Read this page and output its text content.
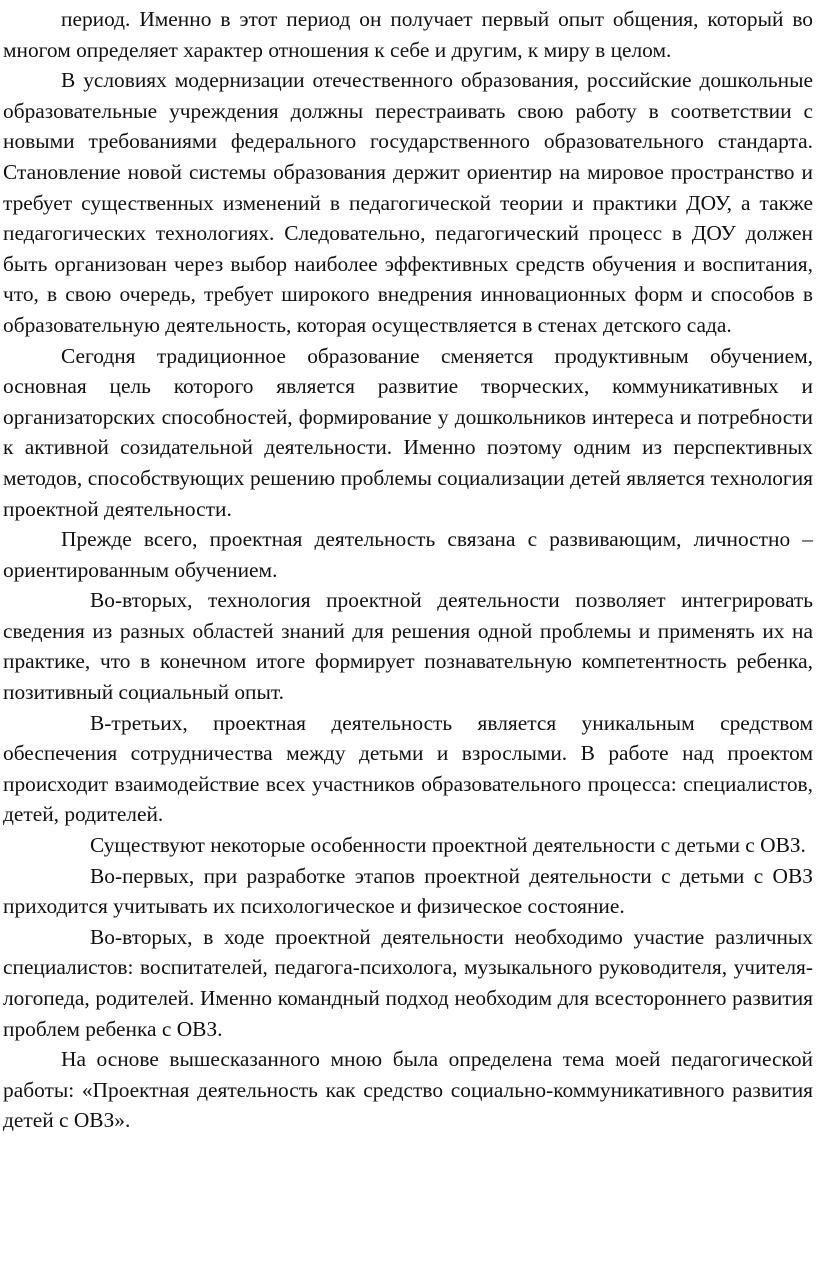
период. Именно в этот период он получает первый опыт общения, который во многом определяет характер отношения к себе и другим, к миру в целом.

В условиях модернизации отечественного образования, российские дошкольные образовательные учреждения должны перестраивать свою работу в соответствии с новыми требованиями федерального государственного образовательного стандарта. Становление новой системы образования держит ориентир на мировое пространство и требует существенных изменений в педагогической теории и практики ДОУ, а также педагогических технологиях. Следовательно, педагогический процесс в ДОУ должен быть организован через выбор наиболее эффективных средств обучения и воспитания, что, в свою очередь, требует широкого внедрения инновационных форм и способов в образовательную деятельность, которая осуществляется в стенах детского сада.

Сегодня традиционное образование сменяется продуктивным обучением, основная цель которого является развитие творческих, коммуникативных и организаторских способностей, формирование у дошкольников интереса и потребности к активной созидательной деятельности. Именно поэтому одним из перспективных методов, способствующих решению проблемы социализации детей является технология проектной деятельности.

Прежде всего, проектная деятельность связана с развивающим, личностно – ориентированным обучением.

Во-вторых, технология проектной деятельности позволяет интегрировать сведения из разных областей знаний для решения одной проблемы и применять их на практике, что в конечном итоге формирует познавательную компетентность ребенка, позитивный социальный опыт.

В-третьих, проектная деятельность является уникальным средством обеспечения сотрудничества между детьми и взрослыми. В работе над проектом происходит взаимодействие всех участников образовательного процесса: специалистов, детей, родителей.

Существуют некоторые особенности проектной деятельности с детьми с ОВЗ.

Во-первых, при разработке этапов проектной деятельности с детьми с ОВЗ приходится учитывать их психологическое и физическое состояние.

Во-вторых, в ходе проектной деятельности необходимо участие различных специалистов: воспитателей, педагога-психолога, музыкального руководителя, учителя-логопеда, родителей. Именно командный подход необходим для всестороннего развития проблем ребенка с ОВЗ.

На основе вышесказанного мною была определена тема моей педагогической работы: «Проектная деятельность как средство социально-коммуникативного развития детей с ОВЗ».
